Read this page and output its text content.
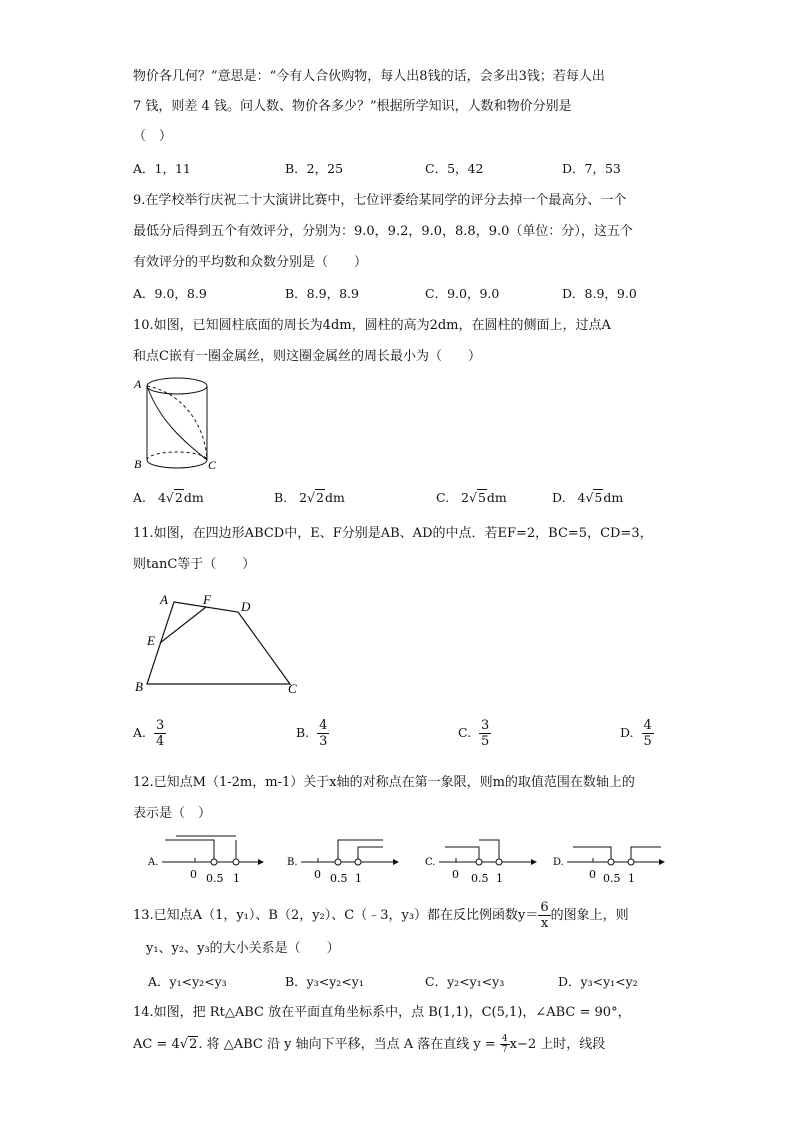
物价各几何？”意思是：“今有人合伙购物，每人出8钱的话，会多出3钱；若每人出
7 钱，则差 4 钱。问人数、物价各多少？”根据所学知识，人数和物价分别是
（　）
A．1，11	B．2，25	C．5，42	D．7，53
9.在学校举行庆祝二十大演讲比赛中，七位评委给某同学的评分去掉一个最高分、一个
最低分后得到五个有效评分，分别为：9.0，9.2，9.0，8.8，9.0（单位：分），这五个
有效评分的平均数和众数分别是（　　）
A．9.0，8.9	B．8.9，8.9	C．9.0，9.0	D．8.9，9.0
10.如图，已知圆柱底面的周长为4dm，圆柱的高为2dm，在圆柱的侧面上，过点A
和点C嵌有一圈金属丝，则这圈金属丝的周长最小为（　　）
A
B	C
A. 4√2dm	B. 2√2dm	C. 2√5dm	D. 4√5dm
11.如图，在四边形ABCD中，E、F分别是AB、AD的中点．若EF=2，BC=5，CD=3，
则tanC等于（　　）
A	F D
E
B	C
A. $\frac{3}{4}$	B. $\frac{4}{3}$	C. $\frac{3}{5}$	D. $\frac{4}{5}$
12.已知点M（1-2m，m-1）关于x轴的对称点在第一象限，则m的取值范围在数轴上的
表示是（　）
A.
0 0.5 1
B.
0 0.5 1
C.
0 0.5 1
D.
0 0.5 1
13.已知点A（1，y₁）、B（2，y₂）、C（﹣3，y₃）都在反比例函数$y= \frac{6}{x}$ 的图象上，则
y₁、y₂、y₃的大小关系是（　　）
A．y₁<y₂<y₃	B．y₃<y₂<y₁	C．y₂<y₁<y₃	D．y₃<y₁<y₂
14.如图，把 Rt△ABC 放在平面直角坐标系中，点 B(1,1)，C(5,1)，∠ABC = 90°，
AC = 4√2. 将 △ABC 沿 y 轴向下平移，当点 A 落在直线 $y = \frac{4}{7} x-2$ 上时，线段
